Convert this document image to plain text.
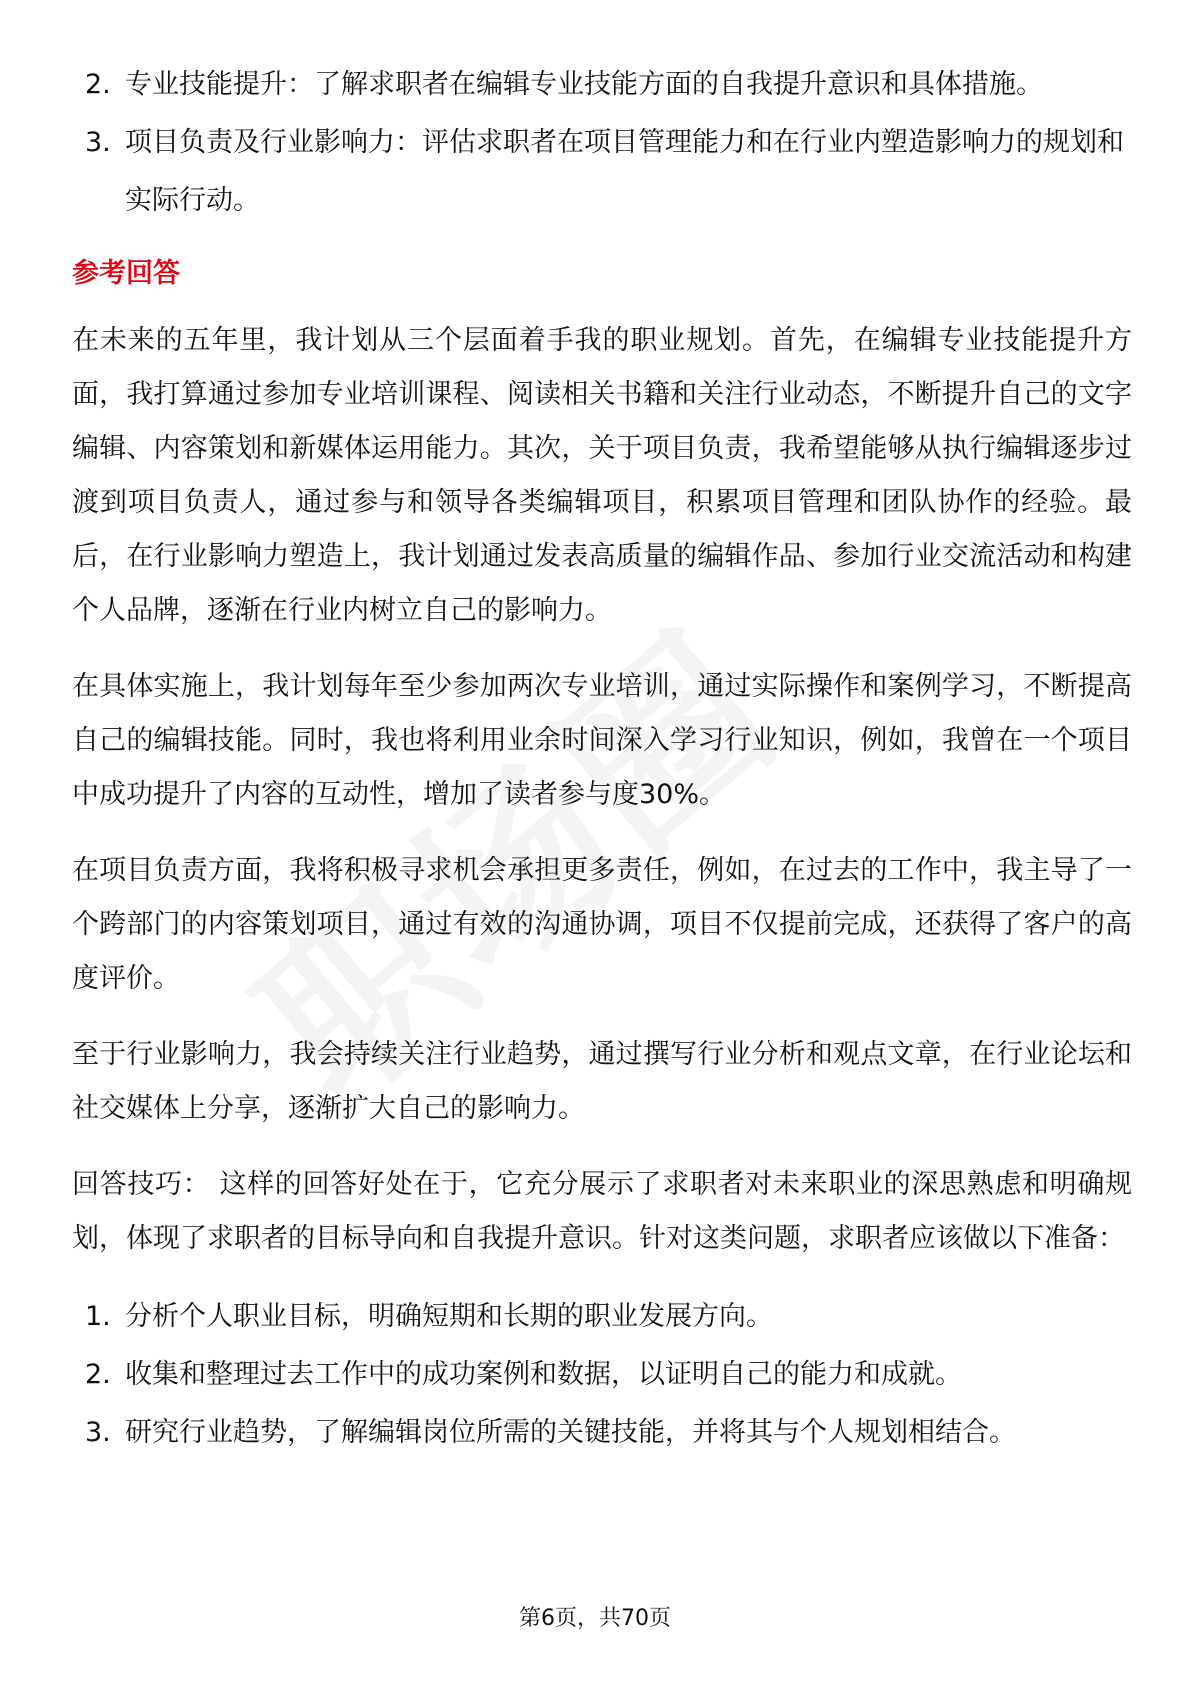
2. 专业技能提升：了解求职者在编辑专业技能方面的自我提升意识和具体措施。
3. 项目负责及行业影响力：评估求职者在项目管理能力和在行业内塑造影响力的规划和实际行动。
参考回答

在未来的五年里，我计划从三个层面着手我的职业规划。首先，在编辑专业技能提升方面，我打算通过参加专业培训课程、阅读相关书籍和关注行业动态，不断提升自己的文字编辑、内容策划和新媒体运用能力。其次，关于项目负责，我希望能够从执行编辑逐步过渡到项目负责人，通过参与和领导各类编辑项目，积累项目管理和团队协作的经验。最后，在行业影响力塑造上，我计划通过发表高质量的编辑作品、参加行业交流活动和构建个人品牌，逐渐在行业内树立自己的影响力。

在具体实施上，我计划每年至少参加两次专业培训，通过实际操作和案例学习，不断提高自己的编辑技能。同时，我也将利用业余时间深入学习行业知识，例如，我曾在一个项目中成功提升了内容的互动性，增加了读者参与度30%。

在项目负责方面，我将积极寻求机会承担更多责任，例如，在过去的工作中，我主导了一个跨部门的内容策划项目，通过有效的沟通协调，项目不仅提前完成，还获得了客户的高度评价。

至于行业影响力，我会持续关注行业趋势，通过撰写行业分析和观点文章，在行业论坛和社交媒体上分享，逐渐扩大自己的影响力。

回答技巧： 这样的回答好处在于，它充分展示了求职者对未来职业的深思熟虑和明确规划，体现了求职者的目标导向和自我提升意识。针对这类问题，求职者应该做以下准备：

1. 分析个人职业目标，明确短期和长期的职业发展方向。
2. 收集和整理过去工作中的成功案例和数据，以证明自己的能力和成就。
3. 研究行业趋势，了解编辑岗位所需的关键技能，并将其与个人规划相结合。
第6页，共70页
